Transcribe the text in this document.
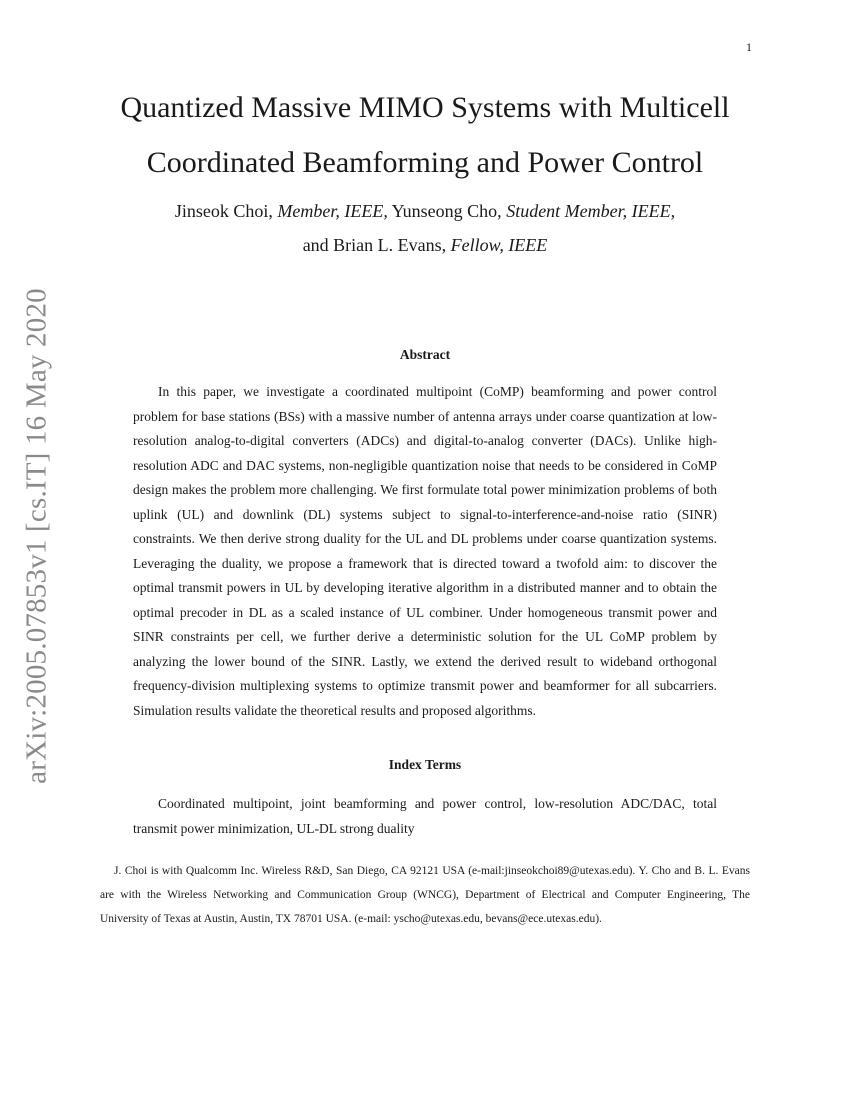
1
arXiv:2005.07853v1 [cs.IT] 16 May 2020
Quantized Massive MIMO Systems with Multicell
Coordinated Beamforming and Power Control
Jinseok Choi, Member, IEEE, Yunseong Cho, Student Member, IEEE,
and Brian L. Evans, Fellow, IEEE
Abstract

In this paper, we investigate a coordinated multipoint (CoMP) beamforming and power control problem for base stations (BSs) with a massive number of antenna arrays under coarse quantization at low-resolution analog-to-digital converters (ADCs) and digital-to-analog converter (DACs). Unlike high-resolution ADC and DAC systems, non-negligible quantization noise that needs to be considered in CoMP design makes the problem more challenging. We first formulate total power minimization problems of both uplink (UL) and downlink (DL) systems subject to signal-to-interference-and-noise ratio (SINR) constraints. We then derive strong duality for the UL and DL problems under coarse quantization systems. Leveraging the duality, we propose a framework that is directed toward a twofold aim: to discover the optimal transmit powers in UL by developing iterative algorithm in a distributed manner and to obtain the optimal precoder in DL as a scaled instance of UL combiner. Under homogeneous transmit power and SINR constraints per cell, we further derive a deterministic solution for the UL CoMP problem by analyzing the lower bound of the SINR. Lastly, we extend the derived result to wideband orthogonal frequency-division multiplexing systems to optimize transmit power and beamformer for all subcarriers. Simulation results validate the theoretical results and proposed algorithms.

Index Terms

Coordinated multipoint, joint beamforming and power control, low-resolution ADC/DAC, total transmit power minimization, UL-DL strong duality

J. Choi is with Qualcomm Inc. Wireless R&D, San Diego, CA 92121 USA (e-mail:jinseokchoi89@utexas.edu). Y. Cho and B. L. Evans are with the Wireless Networking and Communication Group (WNCG), Department of Electrical and Computer Engineering, The University of Texas at Austin, Austin, TX 78701 USA. (e-mail: yscho@utexas.edu, bevans@ece.utexas.edu).
